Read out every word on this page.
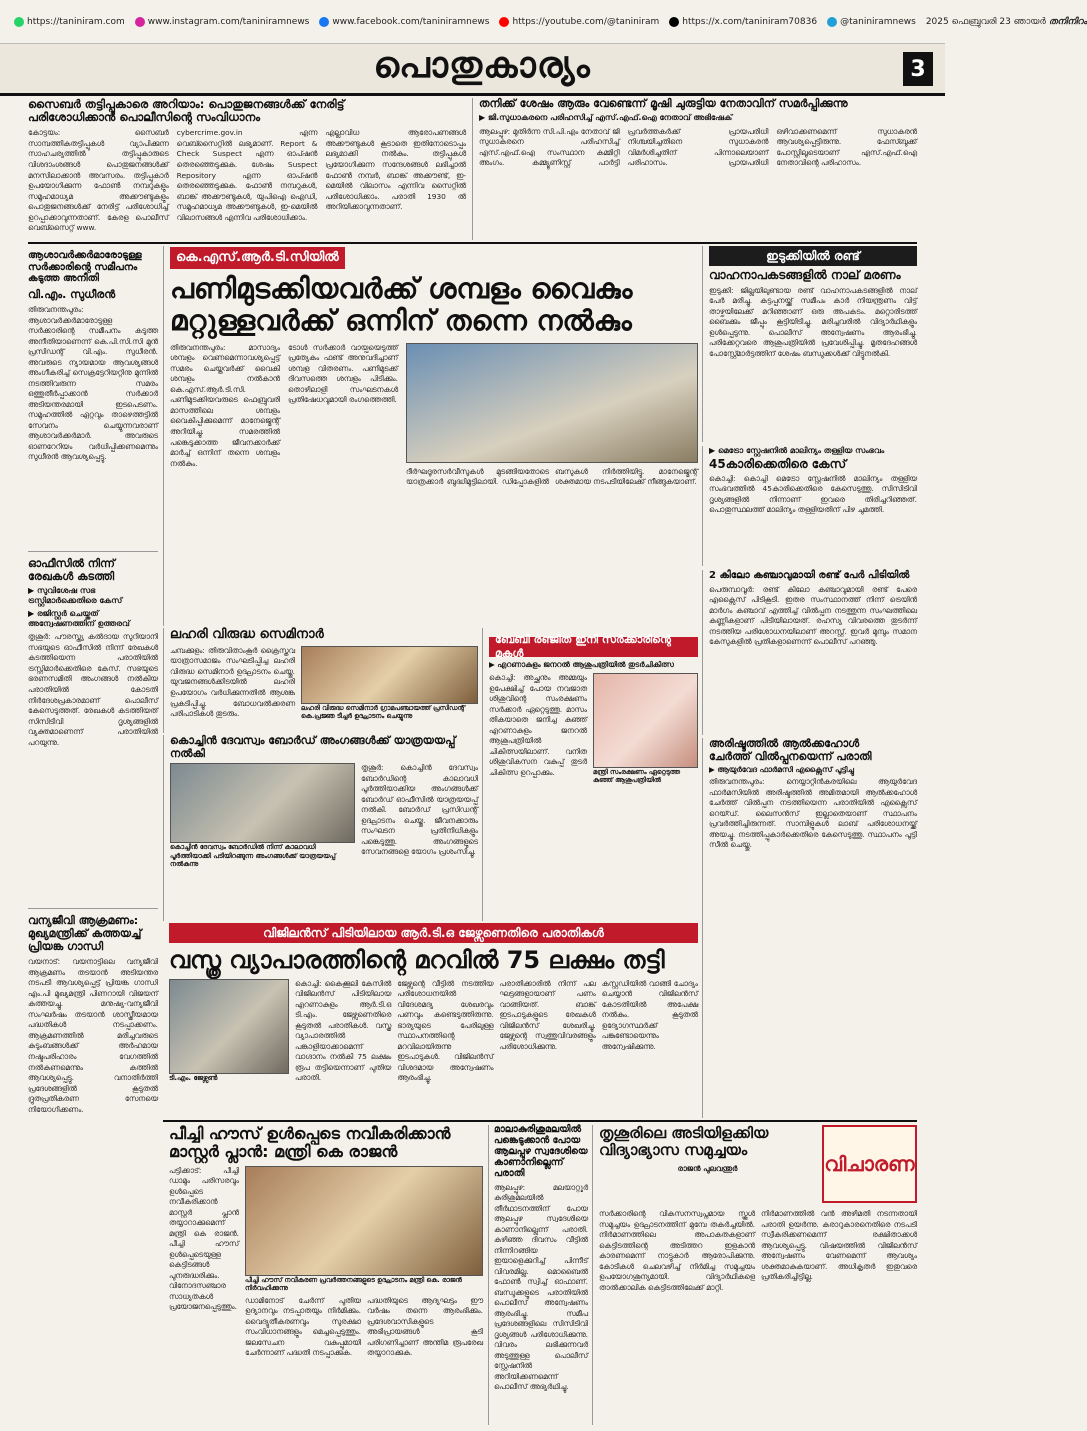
https://taniniram.com	www.instagram.com/taniniramnews	www.facebook.com/taniniramnews	https://youtube.com/@taniniram	https://x.com/taniniram70836	@taniniramnews 2025 ഫെബ്രുവരി 23 ഞായർ തനിനിറം
പൊതുകാര്യം	3
സൈബർ തട്ടിപ്പുകാരെ അറിയാം: പൊതുജനങ്ങൾക്ക് നേരിട്ട്
പരിശോധിക്കാൻ പൊലീസിന്റെ സംവിധാനം
കോട്ടയം: സൈബർ സാമ്പത്തികതട്ടിപ്പുകൾ വ്യാപിക്കുന്ന സാഹചര്യത്തിൽ തട്ടിപ്പുകാരുടെ വിശദാംശങ്ങൾ പൊതുജനങ്ങൾക്ക് മനസിലാക്കാൻ അവസരം. തട്ടിപ്പുകാർ ഉപയോഗിക്കുന്ന ഫോൺ നമ്പറുകളും സമൂഹമാധ്യമ അക്കൗണ്ടുകളും പൊതുജനങ്ങൾക്ക് നേരിട്ട് പരിശോധിച്ച് ഉറപ്പാക്കാവുന്നതാണ്. കേരള പൊലീസ് വെബ്സൈറ്റ് www.
cybercrime.gov.in എന്ന വെബ്സൈറ്റിൽ ലഭ്യമാണ്. Report & Check Suspect എന്ന ഓപ്ഷൻ തെരഞ്ഞെടുക്കുക. ശേഷം Suspect Repository എന്ന ഓപ്ഷൻ തെരഞ്ഞെടുക്കുക. ഫോൺ നമ്പറുകൾ, ബാങ്ക് അക്കൗണ്ടുകൾ, യുപിഐ ഐഡി, സമൂഹമാധ്യമ അക്കൗണ്ടുകൾ, ഇ-മെയിൽ വിലാസങ്ങൾ എന്നിവ പരിശോധിക്കാം.
എല്ലാവിധ ആരോപണങ്ങൾ അക്കൗണ്ടുകൾ കൂടാതെ ഇതിനോടൊപ്പം ലഭ്യമാക്കി നൽകും. തട്ടിപ്പുകൾ പ്രയോഗിക്കുന്ന സന്ദേശങ്ങൾ ലഭിച്ചാൽ ഫോൺ നമ്പർ, ബാങ്ക് അക്കൗണ്ട്, ഇ-മെയിൽ വിലാസം എന്നിവ സൈറ്റിൽ പരിശോധിക്കാം. പരാതി 1930 ൽ അറിയിക്കാവുന്നതാണ്.
തനിക്ക് ശേഷം ആരും വേണ്ടെന്ന് മൂഷി ചുരുട്ടിയ നേതാവിന് സമർപ്പിക്കുന്നു
▶ ജി.സുധാകരനെ പരിഹസിച്ച് എസ്.എഫ്.ഐ നേതാവ് അഭിഷേക്
ആലപ്പുഴ: മുതിർന്ന സി.പി.എം നേതാവ് ജി സുധാകരനെ പരിഹസിച്ച് എസ്.എഫ്.ഐ സംസ്ഥാന കമ്മിറ്റി അംഗം. കമ്മ്യൂണിസ്റ്റ് പാർട്ടി പ്രവർത്തകർക്ക് പ്രായപരിധി നിശ്ചയിച്ചതിനെ സുധാകരൻ വിമർശിച്ചതിന് പിന്നാലെയാണ് പരിഹാസം. പ്രായപരിധി ഒഴിവാക്കണമെന്ന് സുധാകരൻ ആവശ്യപ്പെട്ടിരുന്നു. ഫേസ്ബുക്ക് പോസ്റ്റിലൂടെയാണ് എസ്.എഫ്.ഐ നേതാവിന്റെ പരിഹാസം.
ആശാവർക്കർമാരോടുള്ള സർക്കാരിന്റെ സമീപനം കടുത്ത അനീതി
വി.എം. സുധീരൻ
തിരുവനന്തപുരം: ആശാവർക്കർമാരോടുള്ള സർക്കാരിന്റെ സമീപനം കടുത്ത അനീതിയാണെന്ന് കെ.പി.സി.സി മുൻ പ്രസിഡന്റ് വി.എം. സുധീരൻ. അവരുടെ ന്യായമായ ആവശ്യങ്ങൾ അംഗീകരിച്ച് സെക്രട്ടേറിയറ്റിനു മുന്നിൽ നടത്തിവരുന്ന സമരം ഒത്തുതീർപ്പാക്കാൻ സർക്കാർ അടിയന്തരമായി ഇടപെടണം. സമൂഹത്തിൽ ഏറ്റവും താഴെത്തട്ടിൽ സേവനം ചെയ്യുന്നവരാണ് ആശാവർക്കർമാർ. അവരുടെ ഓണറേറിയം വർധിപ്പിക്കണമെന്നും സുധീരൻ ആവശ്യപ്പെട്ടു.
ഓഫീസിൽ നിന്ന് രേഖകൾ കടത്തി
▶ സുവിശേഷ സഭ ട്രസ്റ്റിമാർക്കെതിരെ കേസ്
▶ രജിസ്റ്റർ ചെയ്തത് അന്വേഷണത്തിന് ഉത്തരവ്
തൃശൂർ: പൗരസ്ത്യ കൽദായ സുറിയാനി സഭയുടെ ഓഫീസിൽ നിന്ന് രേഖകൾ കടത്തിയെന്ന പരാതിയിൽ ട്രസ്റ്റിമാർക്കെതിരെ കേസ്. സഭയുടെ ഭരണസമിതി അംഗങ്ങൾ നൽകിയ പരാതിയിൽ കോടതി നിർദേശപ്രകാരമാണ് പൊലീസ് കേസെടുത്തത്. രേഖകൾ കടത്തിയത് സിസിടിവി ദൃശ്യങ്ങളിൽ വ്യക്തമാണെന്ന് പരാതിയിൽ പറയുന്നു.
വന്യജീവി ആക്രമണം: മുഖ്യമന്ത്രിക്ക് കത്തയച്ച് പ്രിയങ്ക ഗാന്ധി
വയനാട്: വയനാട്ടിലെ വന്യജീവി ആക്രമണം തടയാൻ അടിയന്തര നടപടി ആവശ്യപ്പെട്ട് പ്രിയങ്ക ഗാന്ധി എം.പി മുഖ്യമന്ത്രി പിണറായി വിജയന് കത്തയച്ചു. മനുഷ്യ-വന്യജീവി സംഘർഷം തടയാൻ ശാസ്ത്രീയമായ പദ്ധതികൾ നടപ്പാക്കണം. ആക്രമണത്തിൽ മരിച്ചവരുടെ കുടുംബങ്ങൾക്ക് അർഹമായ നഷ്ടപരിഹാരം വേഗത്തിൽ നൽകണമെന്നും കത്തിൽ ആവശ്യപ്പെട്ടു. വനാതിർത്തി പ്രദേശങ്ങളിൽ കൂടുതൽ ദ്രുതപ്രതികരണ സേനയെ നിയോഗിക്കണം.
കെ.എസ്.ആർ.ടി.സിയിൽ
പണിമുടക്കിയവർക്ക് ശമ്പളം വൈകും
മറ്റുള്ളവർക്ക് ഒന്നിന് തന്നെ നൽകും
തിരുവനന്തപുരം: മാസാദ്യം ശമ്പളം വെണമെന്നാവശ്യപ്പെട്ട് സമരം ചെയ്തവർക്ക് വൈകി ശമ്പളം നൽകാൻ കെ.എസ്.ആർ.ടി.സി. പണിമുടക്കിയവരുടെ ഫെബ്രുവരി മാസത്തിലെ ശമ്പളം വൈകിപ്പിക്കുമെന്ന് മാനേജ്മെന്റ് അറിയിച്ചു. സമരത്തിൽ പങ്കെടുക്കാത്ത ജീവനക്കാർക്ക് മാർച്ച് ഒന്നിന് തന്നെ ശമ്പളം നൽകും.
ടോൾ സർക്കാർ വായ്പയെടുത്ത് പ്രത്യേകം ഫണ്ട് അനുവദിച്ചാണ് ശമ്പള വിതരണം. പണിമുടക്ക് ദിവസത്തെ ശമ്പളം പിടിക്കും. തൊഴിലാളി സംഘടനകൾ പ്രതിഷേധവുമായി രംഗത്തെത്തി.
ദീർഘദൂരസർവീസുകൾ മുടങ്ങിയതോടെ യാത്രക്കാർ ബുദ്ധിമുട്ടിലായി. ഡിപ്പോകളിൽ ബസുകൾ നിർത്തിയിട്ടു. മാനേജ്മെന്റ് ശക്തമായ നടപടിയിലേക്ക് നീങ്ങുകയാണ്.
ലഹരി വിരുദ്ധ സെമിനാർ
ചമ്പക്കുളം: തിരുവിതാംകൂർ ക്രൈസ്തവ യാത്രാസമാജം സംഘടിപ്പിച്ച ലഹരി വിരുദ്ധ സെമിനാർ ഉദ്ഘാടനം ചെയ്തു. യുവജനങ്ങൾക്കിടയിൽ ലഹരി ഉപയോഗം വർധിക്കുന്നതിൽ ആശങ്ക പ്രകടിപ്പിച്ചു. ബോധവൽക്കരണ പരിപാടികൾ തുടരും.
ലഹരി വിരുദ്ധ സെമിനാർ ഗ്രാമപഞ്ചായത്ത് പ്രസിഡന്റ് കെ.പ്രജ്ഞ ടീച്ചർ ഉദ്ഘാടനം ചെയ്യുന്നു
കൊച്ചിൻ ദേവസ്വം ബോർഡ് അംഗങ്ങൾക്ക് യാത്രയയപ്പ് നൽകി
കൊച്ചിൻ ദേവസ്വം ബോർഡിൽ നിന്ന് കാലാവധി പൂർത്തിയാക്കി പടിയിറങ്ങുന്ന അംഗങ്ങൾക്ക് യാത്രയയപ്പ് നൽകുന്നു
തൃശൂർ: കൊച്ചിൻ ദേവസ്വം ബോർഡിന്റെ കാലാവധി പൂർത്തിയാക്കിയ അംഗങ്ങൾക്ക് ബോർഡ് ഓഫീസിൽ യാത്രയയപ്പ് നൽകി. ബോർഡ് പ്രസിഡന്റ് ഉദ്ഘാടനം ചെയ്തു. ജീവനക്കാരും സംഘടന പ്രതിനിധികളും പങ്കെടുത്തു. അംഗങ്ങളുടെ സേവനങ്ങളെ യോഗം പ്രശംസിച്ചു.
ബേബി രഞ്ജിത ഇനി സർക്കാരിന്റെ മകൾ
▶ എറണാകുളം ജനറൽ ആശുപത്രിയിൽ തുടർചികിത്സ
കൊച്ചി: അച്ഛനും അമ്മയും ഉപേക്ഷിച്ച് പോയ നവജാത ശിശുവിന്റെ സംരക്ഷണം സർക്കാർ ഏറ്റെടുത്തു. മാസം തികയാതെ ജനിച്ച കുഞ്ഞ് എറണാകുളം ജനറൽ ആശുപത്രിയിൽ ചികിത്സയിലാണ്. വനിത ശിശുവികസന വകുപ്പ് തുടർ ചികിത്സ ഉറപ്പാക്കും.	മന്ത്രി സംരക്ഷണം ഏറ്റെടുത്ത കുഞ്ഞ് ആശുപത്രിയിൽ
ഇടുക്കിയിൽ രണ്ട്
വാഹനാപകടങ്ങളിൽ നാല് മരണം
ഇടുക്കി: ജില്ലയിലുണ്ടായ രണ്ട് വാഹനാപകടങ്ങളിൽ നാല് പേർ മരിച്ചു. കട്ടപ്പനയ്ക്ക് സമീപം കാർ നിയന്ത്രണം വിട്ട് താഴ്ചയിലേക്ക് മറിഞ്ഞാണ് ഒരു അപകടം. മറ്റൊരിടത്ത് ബൈക്കും ജീപ്പും കൂട്ടിയിടിച്ചു. മരിച്ചവരിൽ വിദ്യാർഥികളും ഉൾപ്പെടുന്നു. പൊലീസ് അന്വേഷണം ആരംഭിച്ചു. പരിക്കേറ്റവരെ ആശുപത്രിയിൽ പ്രവേശിപ്പിച്ചു. മൃതദേഹങ്ങൾ പോസ്റ്റ്മോർട്ടത്തിന് ശേഷം ബന്ധുക്കൾക്ക് വിട്ടുനൽകി.
▶ മെട്രോ സ്റ്റേഷനിൽ മാലിന്യം തള്ളിയ സംഭവം
45കാരിക്കെതിരെ കേസ്
കൊച്ചി: കൊച്ചി മെട്രോ സ്റ്റേഷനിൽ മാലിന്യം തള്ളിയ സംഭവത്തിൽ 45കാരിക്കെതിരെ കേസെടുത്തു. സിസിടിവി ദൃശ്യങ്ങളിൽ നിന്നാണ് ഇവരെ തിരിച്ചറിഞ്ഞത്. പൊതുസ്ഥലത്ത് മാലിന്യം തള്ളിയതിന് പിഴ ചുമത്തി.
2 കിലോ കഞ്ചാവുമായി രണ്ട് പേർ പിടിയിൽ
പെരുമ്പാവൂർ: രണ്ട് കിലോ കഞ്ചാവുമായി രണ്ട് പേരെ എക്സൈസ് പിടികൂടി. ഇതര സംസ്ഥാനത്ത് നിന്ന് ട്രെയിൻ മാർഗം കഞ്ചാവ് എത്തിച്ച് വിൽപ്പന നടത്തുന്ന സംഘത്തിലെ കണ്ണികളാണ് പിടിയിലായത്. രഹസ്യ വിവരത്തെ തുടർന്ന് നടത്തിയ പരിശോധനയിലാണ് അറസ്റ്റ്. ഇവർ മുമ്പും സമാന കേസുകളിൽ പ്രതികളാണെന്ന് പൊലീസ് പറഞ്ഞു.
വിജിലൻസ് പിടിയിലായ ആർ.ടി.ഒ ജേഴ്സണെതിരെ പരാതികൾ
വസ്ത്ര വ്യാപാരത്തിന്റെ മറവിൽ 75 ലക്ഷം തട്ടി
ടി.എം. ജേഴ്സൺ
കൊച്ചി: കൈക്കൂലി കേസിൽ വിജിലൻസ് പിടിയിലായ എറണാകുളം ആർ.ടി.ഒ ടി.എം. ജേഴ്സണെതിരെ കൂടുതൽ പരാതികൾ. വസ്ത്ര വ്യാപാരത്തിൽ പങ്കാളിയാക്കാമെന്ന് വാഗ്ദാനം നൽകി 75 ലക്ഷം രൂപ തട്ടിയെന്നാണ് പുതിയ പരാതി.
ജേഴ്സന്റെ വീട്ടിൽ നടത്തിയ പരിശോധനയിൽ വിദേശമദ്യ ശേഖരവും പണവും കണ്ടെടുത്തിരുന്നു. ഭാര്യയുടെ പേരിലുള്ള സ്ഥാപനത്തിന്റെ മറവിലായിരുന്നു ഇടപാടുകൾ. വിജിലൻസ് വിശദമായ അന്വേഷണം ആരംഭിച്ചു.
പരാതിക്കാരിൽ നിന്ന് പല ഘട്ടങ്ങളായാണ് പണം വാങ്ങിയത്. ബാങ്ക് ഇടപാടുകളുടെ രേഖകൾ വിജിലൻസ് ശേഖരിച്ചു. ജേഴ്സന്റെ സ്വത്തുവിവരങ്ങളും പരിശോധിക്കുന്നു.
കസ്റ്റഡിയിൽ വാങ്ങി ചോദ്യം ചെയ്യാൻ വിജിലൻസ് കോടതിയിൽ അപേക്ഷ നൽകും. കൂടുതൽ ഉദ്യോഗസ്ഥർക്ക് പങ്കുണ്ടോയെന്നും അന്വേഷിക്കുന്നു.
അരിഷ്ടത്തിൽ ആൽക്കഹോൾ
ചേർത്ത് വിൽപ്പനയെന്ന് പരാതി
▶ ആയുർവേദ ഫാർമസി എക്സൈസ് പൂട്ടിച്ചു
തിരുവനന്തപുരം: നെയ്യാറ്റിൻകരയിലെ ആയുർവേദ ഫാർമസിയിൽ അരിഷ്ടത്തിൽ അമിതമായി ആൽക്കഹോൾ ചേർത്ത് വിൽപ്പന നടത്തിയെന്ന പരാതിയിൽ എക്സൈസ് റെയ്ഡ്. ലൈസൻസ് ഇല്ലാതെയാണ് സ്ഥാപനം പ്രവർത്തിച്ചിരുന്നത്. സാമ്പിളുകൾ ലാബ് പരിശോധനയ്ക്ക് അയച്ചു. നടത്തിപ്പുകാർക്കെതിരെ കേസെടുത്തു. സ്ഥാപനം പൂട്ടി സീൽ ചെയ്തു.
പീച്ചി ഹൗസ് ഉൾപ്പെടെ നവീകരിക്കാൻ
മാസ്റ്റർ പ്ലാൻ: മന്ത്രി കെ രാജൻ
പട്ടിക്കാട്: പീച്ചി ഡാമും പരിസരവും ഉൾപ്പെടെ നവീകരിക്കാൻ മാസ്റ്റർ പ്ലാൻ തയ്യാറാക്കുമെന്ന് മന്ത്രി കെ രാജൻ. പീച്ചി ഹൗസ് ഉൾപ്പെടെയുള്ള കെട്ടിടങ്ങൾ പുനരുദ്ധരിക്കും. വിനോദസഞ്ചാര സാധ്യതകൾ പ്രയോജനപ്പെടുത്തും.
പീച്ചി ഹൗസ് നവീകരണ പ്രവർത്തനങ്ങളുടെ ഉദ്ഘാടനം മന്ത്രി കെ. രാജൻ നിർവഹിക്കുന്നു
ഡാമിനോട് ചേർന്ന് പുതിയ ഉദ്യാനവും നടപ്പാതയും നിർമിക്കും. വൈദ്യുതീകരണവും സുരക്ഷാ സംവിധാനങ്ങളും മെച്ചപ്പെടുത്തും. ജലസേചന വകുപ്പുമായി ചേർന്നാണ് പദ്ധതി നടപ്പാക്കുക.
പദ്ധതിയുടെ ആദ്യഘട്ടം ഈ വർഷം തന്നെ ആരംഭിക്കും. പ്രദേശവാസികളുടെ അഭിപ്രായങ്ങൾ കൂടി പരിഗണിച്ചാണ് അന്തിമ രൂപരേഖ തയ്യാറാക്കുക.
മാലാകുരിശുമലയിൽ പങ്കെടുക്കാൻ പോയ ആലപ്പുഴ സ്വദേശിയെ കാണാനില്ലെന്ന് പരാതി
ആലപ്പുഴ: മലയാറ്റൂർ കുരിശുമലയിൽ തീർഥാടനത്തിന് പോയ ആലപ്പുഴ സ്വദേശിയെ കാണാനില്ലെന്ന് പരാതി. കഴിഞ്ഞ ദിവസം വീട്ടിൽ നിന്നിറങ്ങിയ ഇയാളെക്കുറിച്ച് പിന്നീട് വിവരമില്ല. മൊബൈൽ ഫോൺ സ്വിച്ച് ഓഫാണ്. ബന്ധുക്കളുടെ പരാതിയിൽ പൊലീസ് അന്വേഷണം ആരംഭിച്ചു. സമീപ പ്രദേശങ്ങളിലെ സിസിടിവി ദൃശ്യങ്ങൾ പരിശോധിക്കുന്നു. വിവരം ലഭിക്കുന്നവർ അടുത്തുള്ള പൊലീസ് സ്റ്റേഷനിൽ അറിയിക്കണമെന്ന് പൊലീസ് അഭ്യർഥിച്ചു.
തൃശൂരിലെ അടിയിളക്കിയ
വിദ്യാഭ്യാസ സമുച്ചയം
രാജൻ പുലവന്തുർ	വിചാരണ
സർക്കാരിന്റെ വികസനസ്വപ്നമായ സ്കൂൾ സമുച്ചയം ഉദ്ഘാടനത്തിന് മുമ്പേ തകർച്ചയിൽ. നിർമാണത്തിലെ അപാകതകളാണ് കെട്ടിടത്തിന്റെ അടിത്തറ ഇളകാൻ കാരണമെന്ന് നാട്ടുകാർ ആരോപിക്കുന്നു. കോടികൾ ചെലവഴിച്ച് നിർമിച്ച സമുച്ചയം ഉപയോഗശൂന്യമായി. വിദ്യാർഥികളെ താൽക്കാലിക കെട്ടിടത്തിലേക്ക് മാറ്റി.
നിർമാണത്തിൽ വൻ അഴിമതി നടന്നതായി പരാതി ഉയർന്നു. കരാറുകാരനെതിരെ നടപടി സ്വീകരിക്കണമെന്ന് രക്ഷിതാക്കൾ ആവശ്യപ്പെട്ടു. വിഷയത്തിൽ വിജിലൻസ് അന്വേഷണം വേണമെന്ന് ആവശ്യം ശക്തമാകുകയാണ്. അധികൃതർ ഇതുവരെ പ്രതികരിച്ചിട്ടില്ല.
